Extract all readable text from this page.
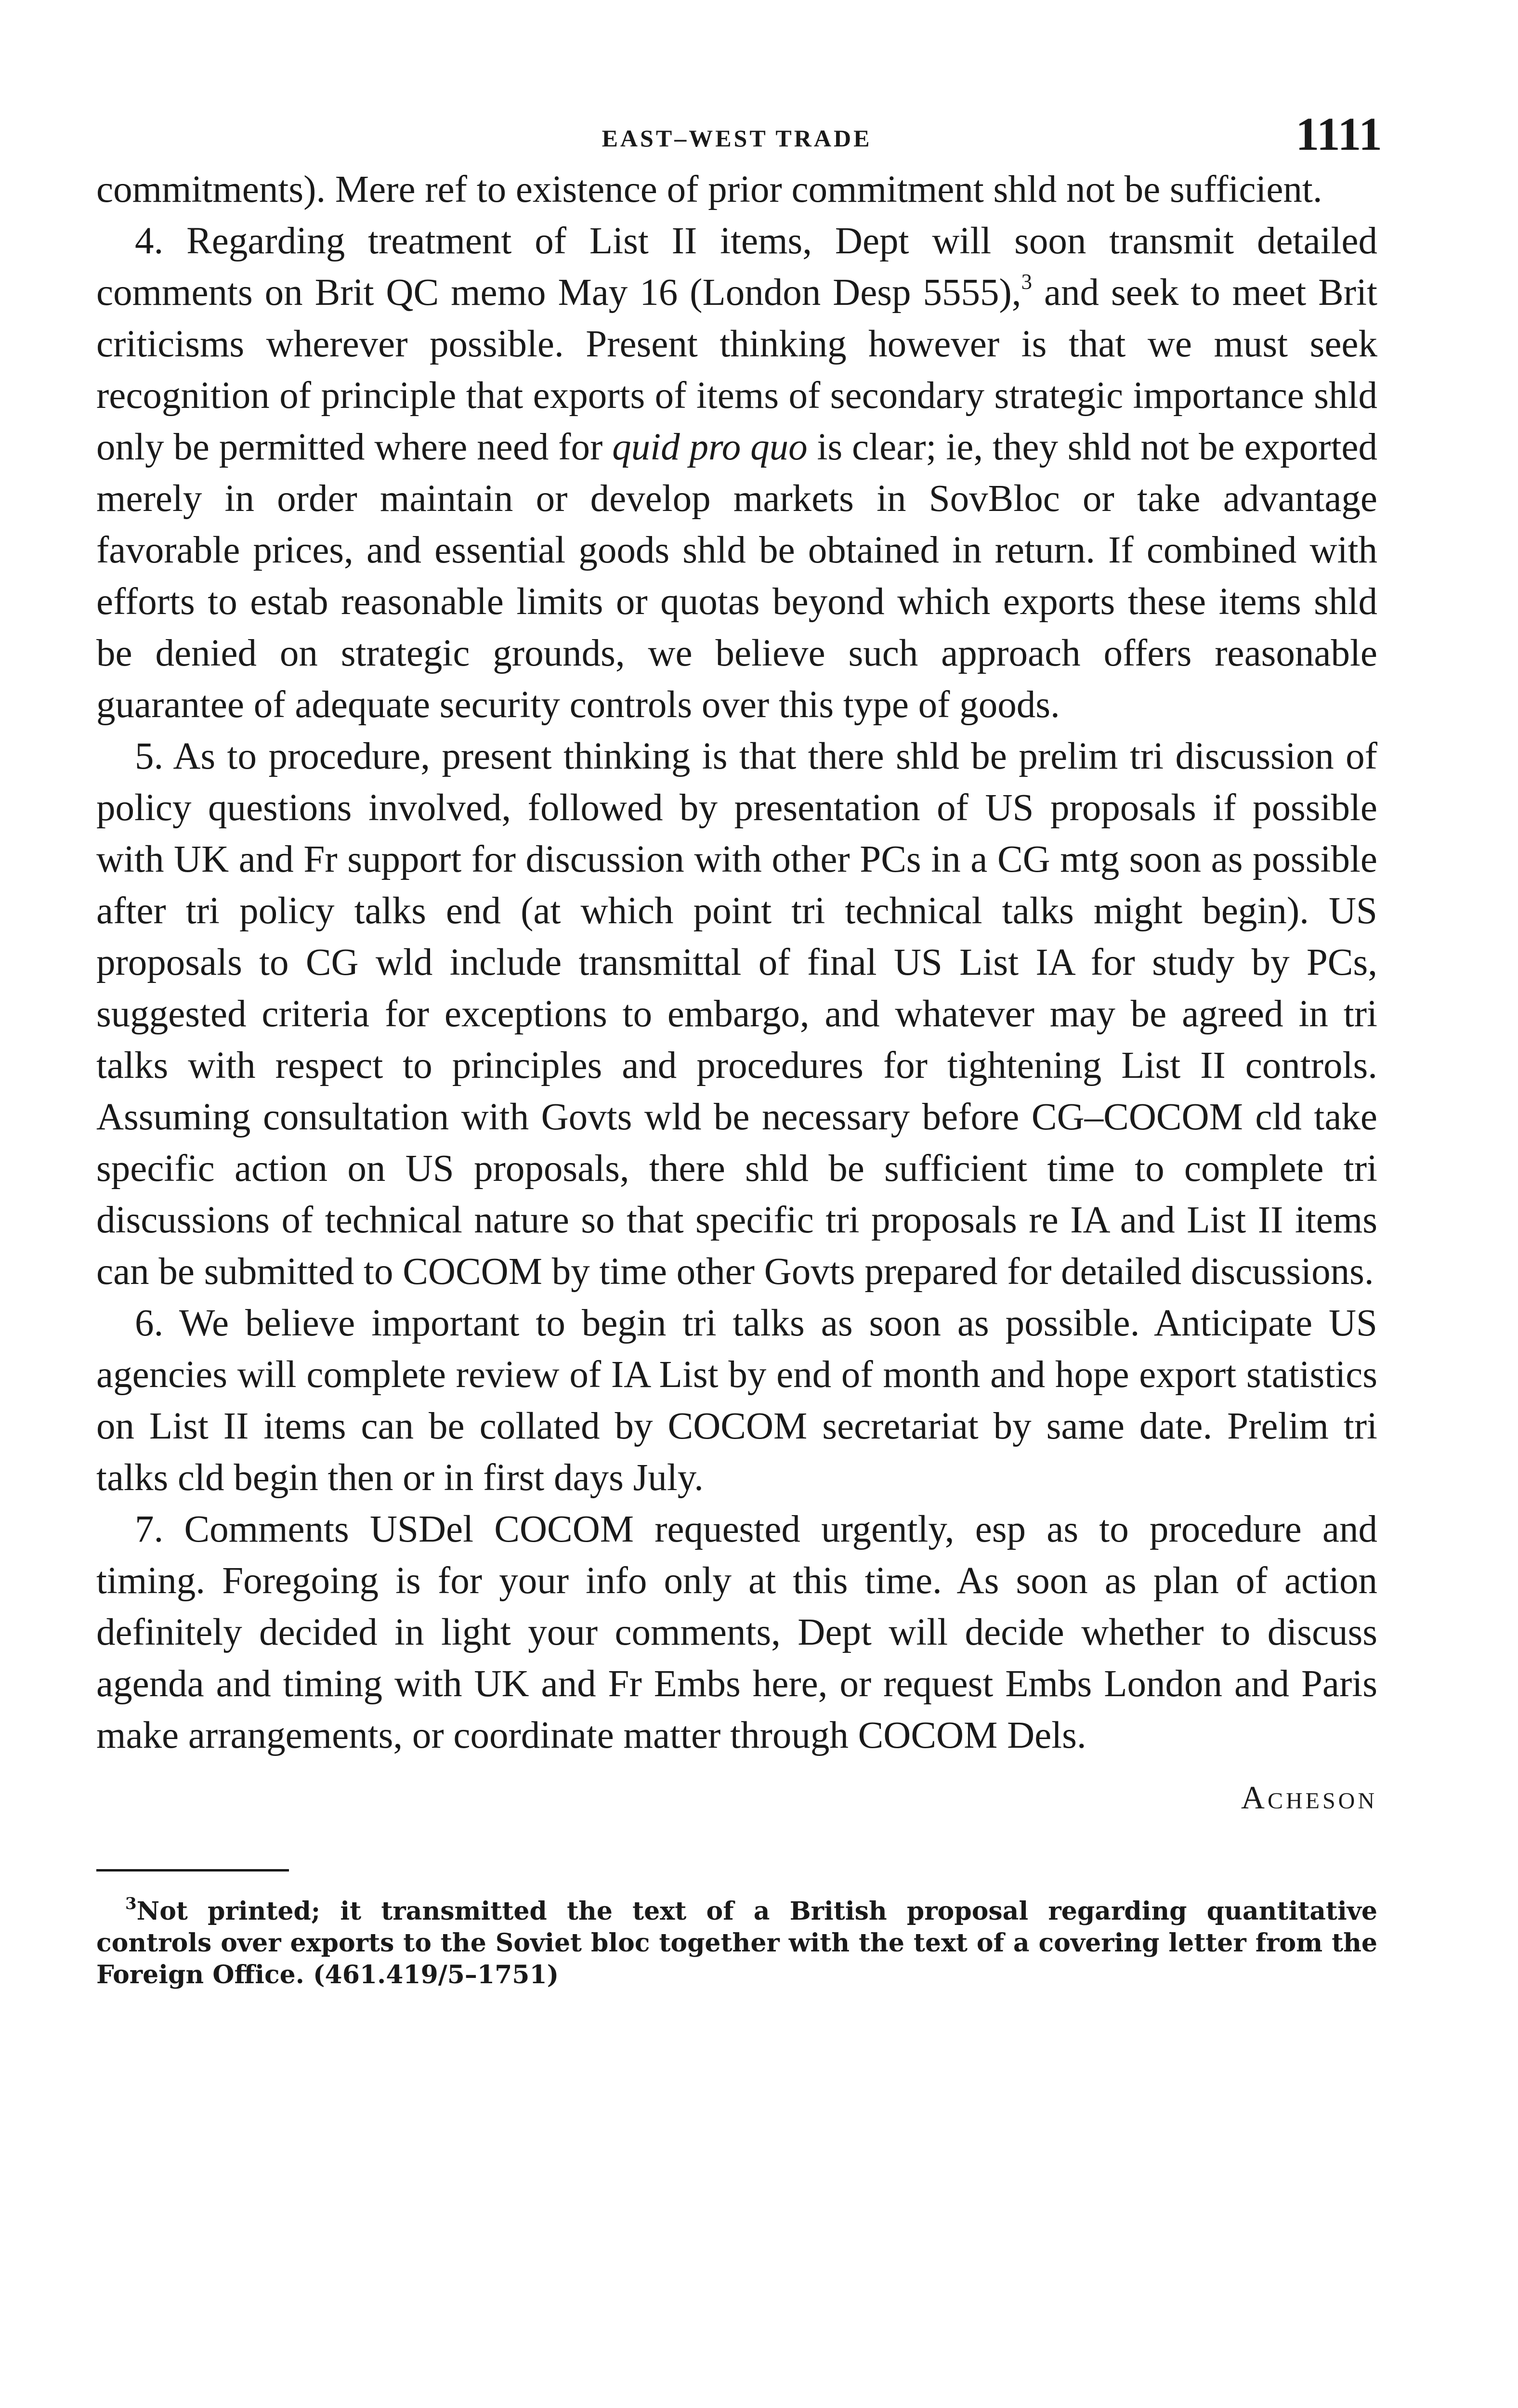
EAST–WEST TRADE	1111

commitments). Mere ref to existence of prior commitment shld not be sufficient.

4. Regarding treatment of List II items, Dept will soon transmit detailed comments on Brit QC memo May 16 (London Desp 5555),$^3$ and seek to meet Brit criticisms wherever possible. Present thinking however is that we must seek recognition of principle that exports of items of secondary strategic importance shld only be permitted where need for quid pro quo is clear; ie, they shld not be exported merely in order maintain or develop markets in SovBloc or take advantage favorable prices, and essential goods shld be obtained in return. If combined with efforts to estab reasonable limits or quotas beyond which exports these items shld be denied on strategic grounds, we believe such approach offers reasonable guarantee of adequate security controls over this type of goods.

5. As to procedure, present thinking is that there shld be prelim tri discussion of policy questions involved, followed by presentation of US proposals if possible with UK and Fr support for discussion with other PCs in a CG mtg soon as possible after tri policy talks end (at which point tri technical talks might begin). US proposals to CG wld include transmittal of final US List IA for study by PCs, suggested criteria for exceptions to embargo, and whatever may be agreed in tri talks with respect to principles and procedures for tightening List II controls. Assuming consultation with Govts wld be necessary before CG–COCOM cld take specific action on US proposals, there shld be sufficient time to complete tri discussions of technical nature so that specific tri proposals re IA and List II items can be submitted to COCOM by time other Govts prepared for detailed discussions.

6. We believe important to begin tri talks as soon as possible. Anticipate US agencies will complete review of IA List by end of month and hope export statistics on List II items can be collated by COCOM secretariat by same date. Prelim tri talks cld begin then or in first days July.

7. Comments USDel COCOM requested urgently, esp as to procedure and timing. Foregoing is for your info only at this time. As soon as plan of action definitely decided in light your comments, Dept will decide whether to discuss agenda and timing with UK and Fr Embs here, or request Embs London and Paris make arrangements, or coordinate matter through COCOM Dels.

Acheson

$^3$Not printed; it transmitted the text of a British proposal regarding quantitative controls over exports to the Soviet bloc together with the text of a covering letter from the Foreign Office. (461.419/5–1751)
